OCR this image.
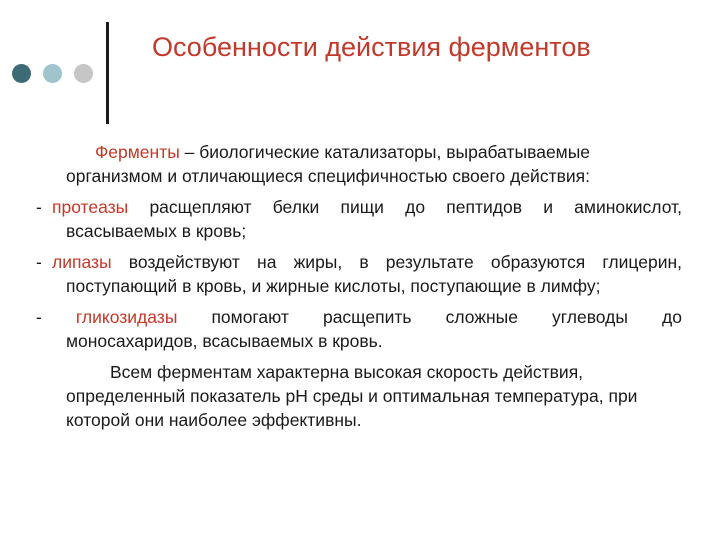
Особенности действия ферментов

Ферменты – биологические катализаторы, вырабатываемые организмом и отличающиеся специфичностью своего действия:

- протеазы расщепляют белки пищи до пептидов и аминокислот, всасываемых в кровь;

- липазы воздействуют на жиры, в результате образуются глицерин, поступающий в кровь, и жирные кислоты, поступающие в лимфу;

- гликозидазы помогают расщепить сложные углеводы до
моносахаридов, всасываемых в кровь.

Всем ферментам характерна высокая скорость действия, определенный показатель pH среды и оптимальная температура, при которой они наиболее эффективны.
